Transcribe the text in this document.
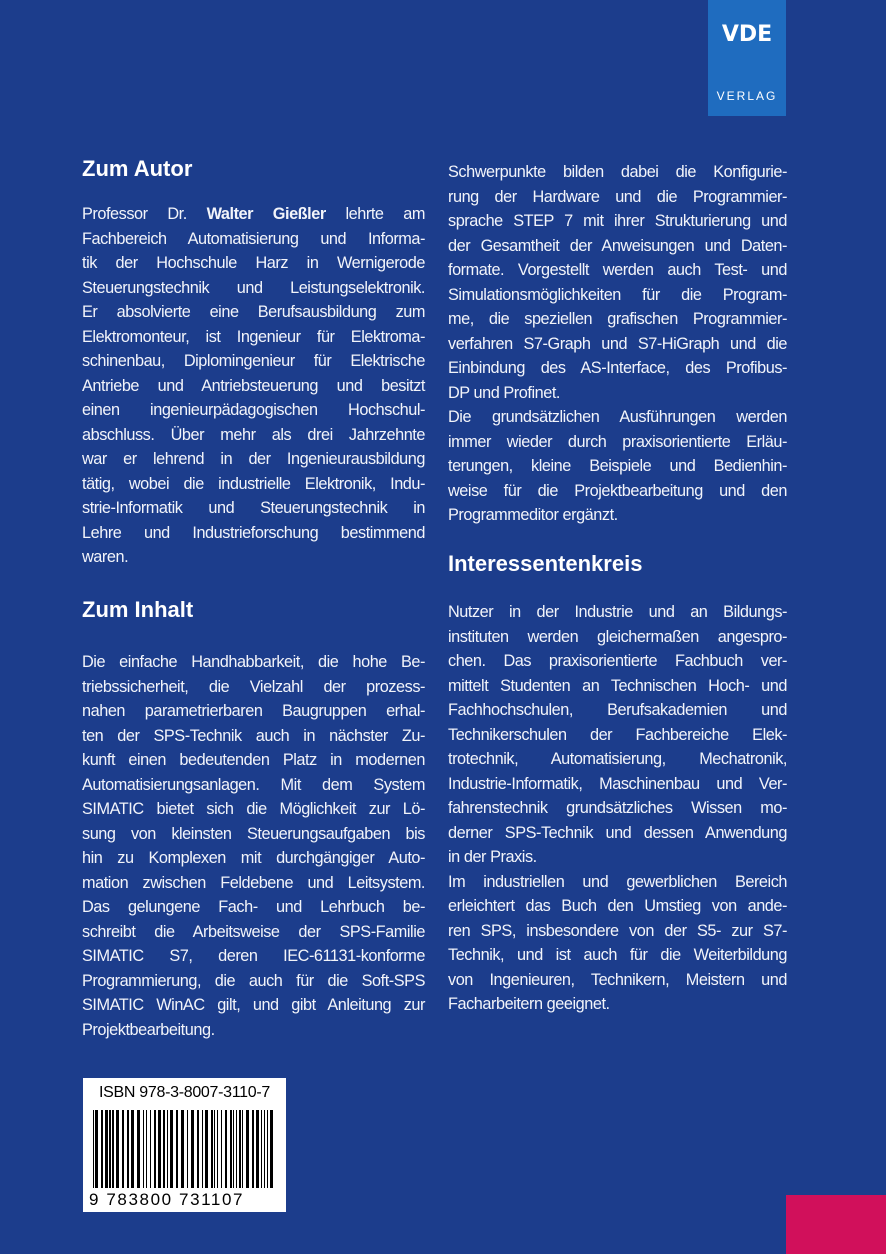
VDE
VERLAG
Zum Autor
Professor Dr. Walter Gießler lehrte am
Fachbereich Automatisierung und Informa-
tik der Hochschule Harz in Wernigerode
Steuerungstechnik und Leistungselektronik.
Er absolvierte eine Berufsausbildung zum
Elektromonteur, ist Ingenieur für Elektroma-
schinenbau, Diplomingenieur für Elektrische
Antriebe und Antriebsteuerung und besitzt
einen ingenieurpädagogischen Hochschul-
abschluss. Über mehr als drei Jahrzehnte
war er lehrend in der Ingenieurausbildung
tätig, wobei die industrielle Elektronik, Indu-
strie-Informatik und Steuerungstechnik in
Lehre und Industrieforschung bestimmend
waren.
Zum Inhalt
Die einfache Handhabbarkeit, die hohe Be-
triebssicherheit, die Vielzahl der prozess-
nahen parametrierbaren Baugruppen erhal-
ten der SPS-Technik auch in nächster Zu-
kunft einen bedeutenden Platz in modernen
Automatisierungsanlagen. Mit dem System
SIMATIC bietet sich die Möglichkeit zur Lö-
sung von kleinsten Steuerungsaufgaben bis
hin zu Komplexen mit durchgängiger Auto-
mation zwischen Feldebene und Leitsystem.
Das gelungene Fach- und Lehrbuch be-
schreibt die Arbeitsweise der SPS-Familie
SIMATIC S7, deren IEC-61131-konforme
Programmierung, die auch für die Soft-SPS
SIMATIC WinAC gilt, und gibt Anleitung zur
Projektbearbeitung.
Schwerpunkte bilden dabei die Konfigurie-
rung der Hardware und die Programmier-
sprache STEP 7 mit ihrer Strukturierung und
der Gesamtheit der Anweisungen und Daten-
formate. Vorgestellt werden auch Test- und
Simulationsmöglichkeiten für die Program-
me, die speziellen grafischen Programmier-
verfahren S7-Graph und S7-HiGraph und die
Einbindung des AS-Interface, des Profibus-
DP und Profinet.
Die grundsätzlichen Ausführungen werden
immer wieder durch praxisorientierte Erläu-
terungen, kleine Beispiele und Bedienhin-
weise für die Projektbearbeitung und den
Programmeditor ergänzt.
Interessentenkreis
Nutzer in der Industrie und an Bildungs-
instituten werden gleichermaßen angespro-
chen. Das praxisorientierte Fachbuch ver-
mittelt Studenten an Technischen Hoch- und
Fachhochschulen, Berufsakademien und
Technikerschulen der Fachbereiche Elek-
trotechnik, Automatisierung, Mechatronik,
Industrie-Informatik, Maschinenbau und Ver-
fahrenstechnik grundsätzliches Wissen mo-
derner SPS-Technik und dessen Anwendung
in der Praxis.
Im industriellen und gewerblichen Bereich
erleichtert das Buch den Umstieg von ande-
ren SPS, insbesondere von der S5- zur S7-
Technik, und ist auch für die Weiterbildung
von Ingenieuren, Technikern, Meistern und
Facharbeitern geeignet.
ISBN 978-3-8007-3110-7
9 783800 731107
